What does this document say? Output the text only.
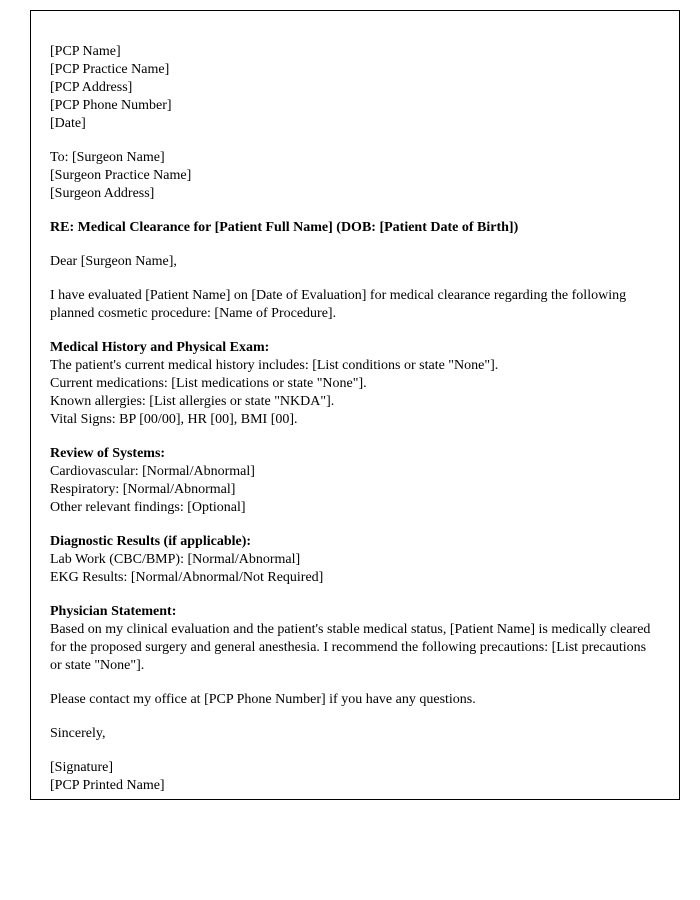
[PCP Name]
[PCP Practice Name]
[PCP Address]
[PCP Phone Number]
[Date]
To: [Surgeon Name]
[Surgeon Practice Name]
[Surgeon Address]
RE: Medical Clearance for [Patient Full Name] (DOB: [Patient Date of Birth])
Dear [Surgeon Name],
I have evaluated [Patient Name] on [Date of Evaluation] for medical clearance regarding the following planned cosmetic procedure: [Name of Procedure].
Medical History and Physical Exam:
The patient's current medical history includes: [List conditions or state "None"].
Current medications: [List medications or state "None"].
Known allergies: [List allergies or state "NKDA"].
Vital Signs: BP [00/00], HR [00], BMI [00].
Review of Systems:
Cardiovascular: [Normal/Abnormal]
Respiratory: [Normal/Abnormal]
Other relevant findings: [Optional]
Diagnostic Results (if applicable):
Lab Work (CBC/BMP): [Normal/Abnormal]
EKG Results: [Normal/Abnormal/Not Required]
Physician Statement:
Based on my clinical evaluation and the patient's stable medical status, [Patient Name] is medically cleared for the proposed surgery and general anesthesia. I recommend the following precautions: [List precautions or state "None"].
Please contact my office at [PCP Phone Number] if you have any questions.
Sincerely,
[Signature]
[PCP Printed Name]
